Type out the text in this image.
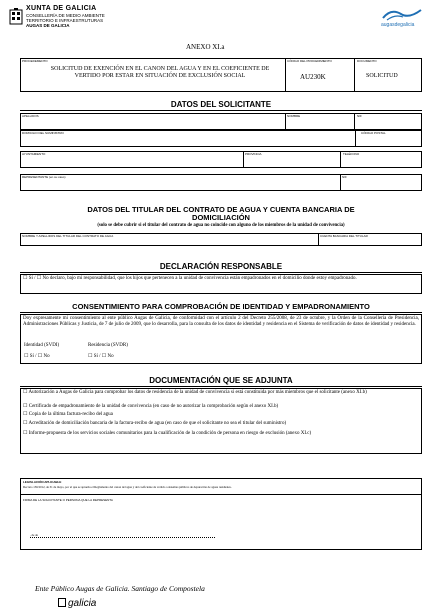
XUNTA DE GALICIA
CONSELLERÍA DE MEDIO AMBIENTE
TERRITORIO E INFRAESTRUTURAS
AUGAS DE GALICIA	augasdegalicia
ANEXO XI.a
PROCEDEMENTO
SOLICITUD DE EXENCIÓN EN EL CANON DEL AGUA Y EN EL COEFICIENTE DE VERTIDO POR ESTAR EN SITUACIÓN DE EXCLUSIÓN SOCIAL
CÓDIGO DEL PROCEDIMIENTO
AU230K
DOCUMENTO
SOLICITUD
DATOS DEL SOLICITANTE
APELLIDOS	NOMBRE	NIF
DOMICILIO DEL SUMINISTRO	CÓDIGO POSTAL
AYUNTAMIENTO	PROVINCIA	TELÉFONO
REPRESENTANTE (en su caso)	NIF
DATOS DEL TITULAR DEL CONTRATO DE AGUA Y CUENTA BANCARIA DE
DOMICILIACIÓN
(solo se debe cubrir si el titular del contrato de agua no coincide con alguno de los miembros de la unidad de convivencia)
NOMBRE Y APELLIDOS DEL TITULAR DEL CONTRATO DE AGUA	CUENTA BANCARIA DEL TITULAR
DECLARACIÓN RESPONSABLE
☐ Sí / ☐ No declaro, bajo mi responsabilidad, que los hijos que pertenecen a la unidad de convivencia están empadronados en el domicilio donde estoy empadronado.
CONSENTIMIENTO PARA COMPROBACIÓN DE IDENTIDAD Y EMPADRONAMIENTO
Doy expresamente mi consentimiento al ente público Augas de Galicia, de conformidad con el artículo 2 del Decreto 255/2008, de 23 de octubre, y la Orden de la Consellería de Presidencia, Administraciones Públicas y Justicia, de 7 de julio de 2009, que lo desarrolla, para la consulta de los datos de identidad y residencia en el Sistema de verificación de datos de identidad y residencia.
Identidad (SVDI)	Residencia (SVDR)
☐ Sí / ☐ No	☐ Sí / ☐ No
DOCUMENTACIÓN QUE SE ADJUNTA
☐ Autorización a Augas de Galicia para comprobar los datos de residencia de la unidad de convivencia si está constituida por más miembros que el solicitante (anexo XI.b)
☐ Certificado de empadronamiento de la unidad de convivencia (en caso de no autorizar la comprobación según el anexo XI.b)
☐ Copia de la última factura-recibo del agua
☐ Acreditación de domiciliación bancaria de la factura-recibo de agua (en caso de que el solicitante no sea el titular del suministro)
☐ Informe-propuesta de los servicios sociales comunitarios para la cualificación de la condición de persona en riesgo de exclusión (anexo XI.c)
LEGISLACIÓN APLICABLE
Decreto 136/2012, de 31 de mayo, por el que se aprueba el Reglamento del canon del agua y del coeficiente de vertido a sistemas públicos de depuración de aguas residuales.
FIRMA DE LA SOLICITANTE O PERSONA QUE LA REPRESENTA
, de de
Ente Público Augas de Galicia. Santiago de Compostela
galicia
